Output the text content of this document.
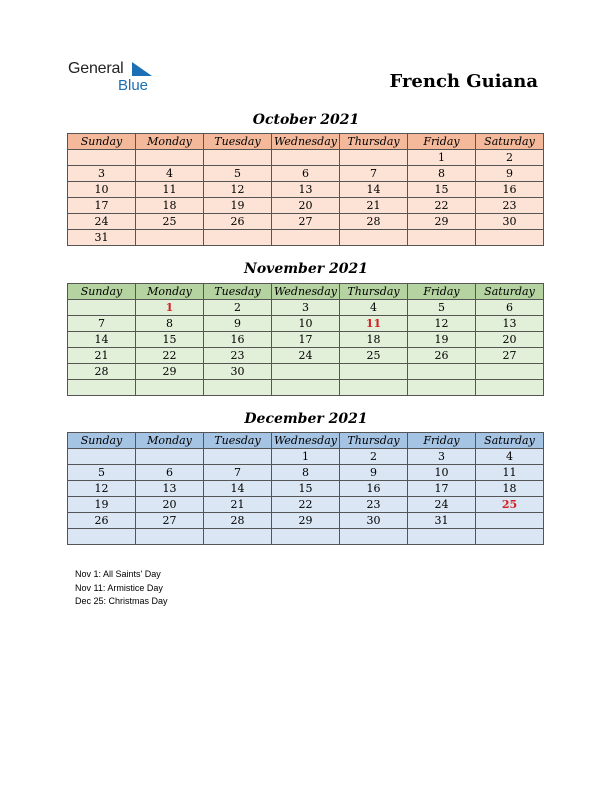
General
Blue	French Guiana
October 2021
Sunday	Monday	Tuesday	Wednesday	Thursday	Friday	Saturday
					1	2
3	4	5	6	7	8	9
10	11	12	13	14	15	16
17	18	19	20	21	22	23
24	25	26	27	28	29	30
31						
November 2021
Sunday	Monday	Tuesday	Wednesday	Thursday	Friday	Saturday
	1	2	3	4	5	6
7	8	9	10	11	12	13
14	15	16	17	18	19	20
21	22	23	24	25	26	27
28	29	30				

December 2021
Sunday	Monday	Tuesday	Wednesday	Thursday	Friday	Saturday
			1	2	3	4
5	6	7	8	9	10	11
12	13	14	15	16	17	18
19	20	21	22	23	24	25
26	27	28	29	30	31	

Nov 1: All Saints' Day
Nov 11: Armistice Day
Dec 25: Christmas Day
